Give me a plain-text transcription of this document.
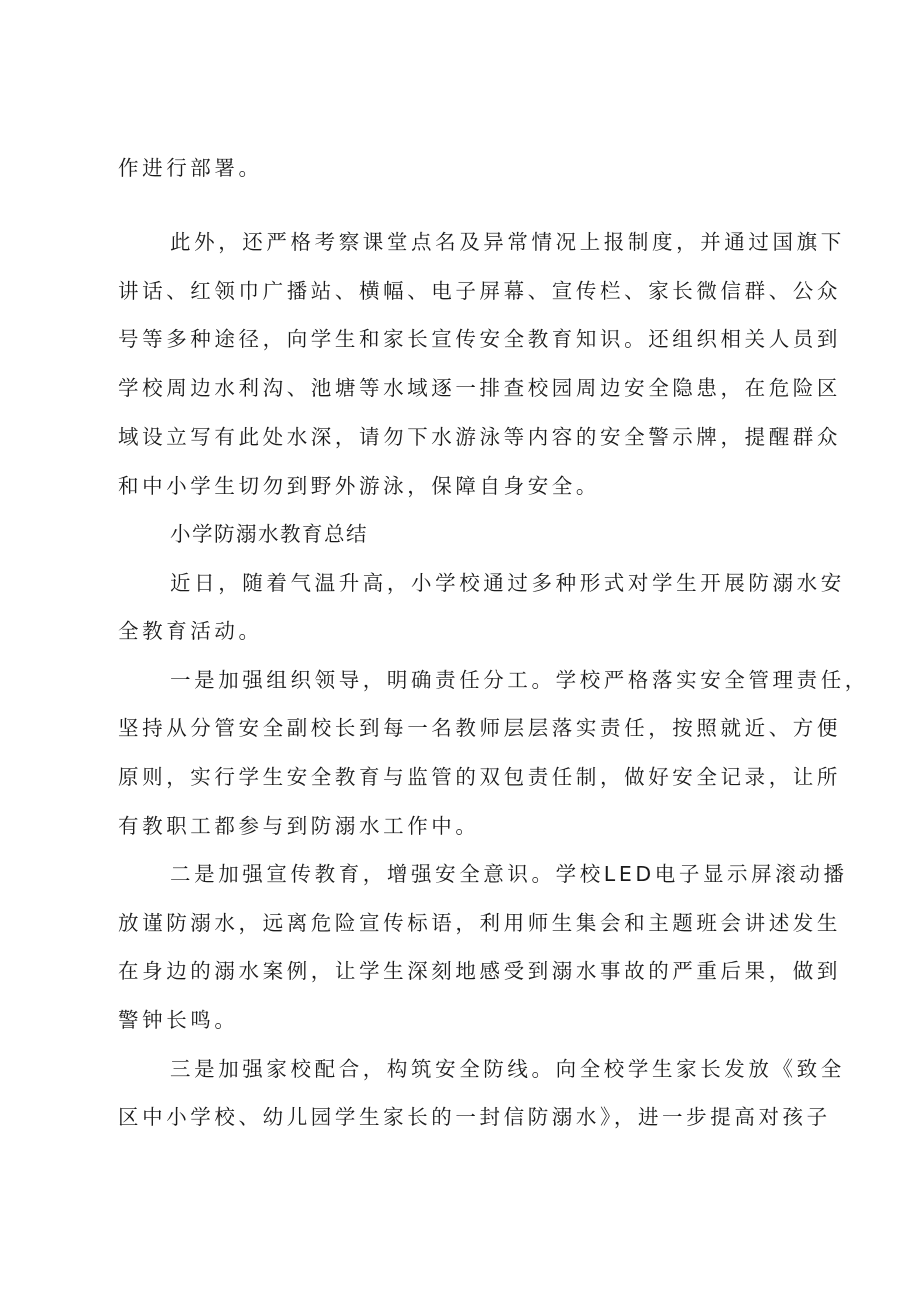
作进行部署。
此外，还严格考察课堂点名及异常情况上报制度，并通过国旗下
讲话、红领巾广播站、横幅、电子屏幕、宣传栏、家长微信群、公众
号等多种途径，向学生和家长宣传安全教育知识。还组织相关人员到
学校周边水利沟、池塘等水域逐一排查校园周边安全隐患，在危险区
域设立写有此处水深，请勿下水游泳等内容的安全警示牌，提醒群众
和中小学生切勿到野外游泳，保障自身安全。
小学防溺水教育总结
近日，随着气温升高，小学校通过多种形式对学生开展防溺水安
全教育活动。
一是加强组织领导，明确责任分工。学校严格落实安全管理责任，
坚持从分管安全副校长到每一名教师层层落实责任，按照就近、方便
原则，实行学生安全教育与监管的双包责任制，做好安全记录，让所
有教职工都参与到防溺水工作中。
二是加强宣传教育，增强安全意识。学校LED电子显示屏滚动播
放谨防溺水，远离危险宣传标语，利用师生集会和主题班会讲述发生
在身边的溺水案例，让学生深刻地感受到溺水事故的严重后果，做到
警钟长鸣。
三是加强家校配合，构筑安全防线。向全校学生家长发放《致全
区中小学校、幼儿园学生家长的一封信防溺水》，进一步提高对孩子
